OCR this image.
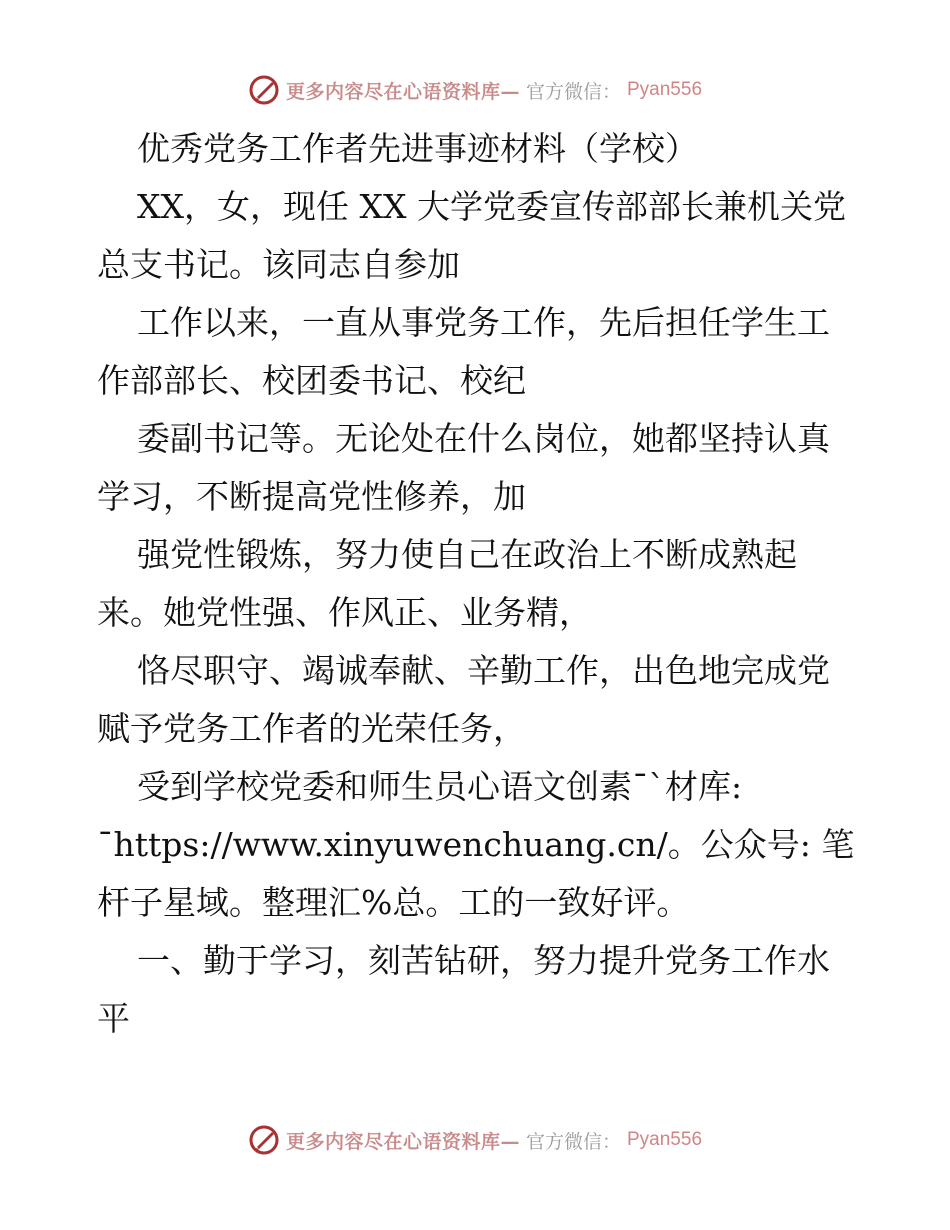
更多内容尽在心语资料库— 官方微信： Pyan556
优秀党务工作者先进事迹材料（学校）
XX，女，现任 XX 大学党委宣传部部长兼机关党
总支书记。该同志自参加
工作以来，一直从事党务工作，先后担任学生工
作部部长、校团委书记、校纪
委副书记等。无论处在什么岗位，她都坚持认真
学习，不断提高党性修养，加
强党性锻炼，努力使自己在政治上不断成熟起
来。她党性强、作风正、业务精，
恪尽职守、竭诚奉献、辛勤工作，出色地完成党
赋予党务工作者的光荣任务，
受到学校党委和师生员心语文创素¯`材库:
¯https://www.xinyuwenchuang.cn/。公众号: 笔
杆子星域。整理汇%总。工的一致好评。
一、勤于学习，刻苦钻研，努力提升党务工作水
平
更多内容尽在心语资料库— 官方微信： Pyan556
